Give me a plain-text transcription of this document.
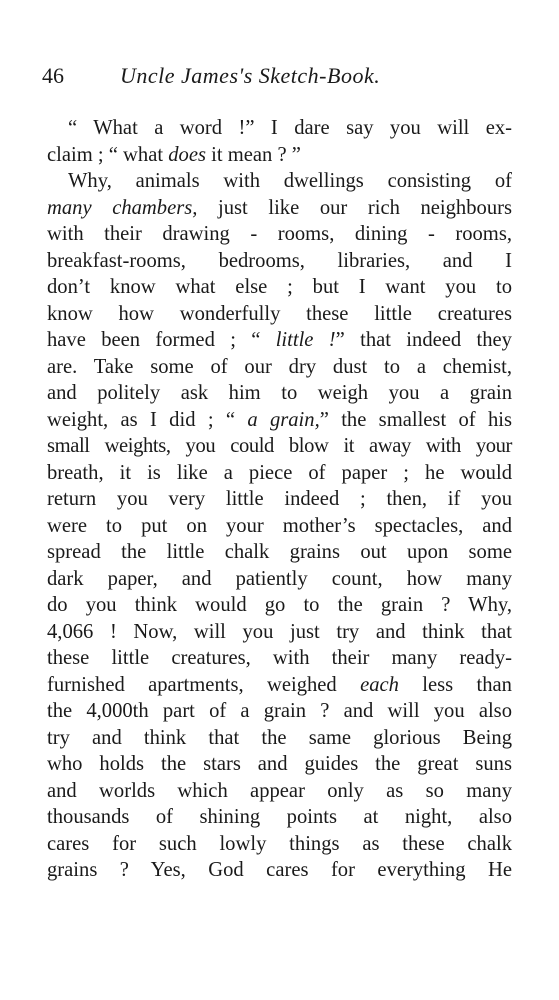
46	Uncle James's Sketch-Book.
“ What a word !” I dare say you will ex-
claim ; “ what does it mean ? ”
Why, animals with dwellings consisting of
many chambers, just like our rich neighbours
with their drawing - rooms, dining - rooms,
breakfast-rooms, bedrooms, libraries, and I
don’t know what else ; but I want you to
know how wonderfully these little creatures
have been formed ; “ little !” that indeed they
are. Take some of our dry dust to a chemist,
and politely ask him to weigh you a grain
weight, as I did ; “ a grain,” the smallest of his
small weights, you could blow it away with your
breath, it is like a piece of paper ; he would
return you very little indeed ; then, if you
were to put on your mother’s spectacles, and
spread the little chalk grains out upon some
dark paper, and patiently count, how many
do you think would go to the grain ? Why,
4,066 ! Now, will you just try and think that
these little creatures, with their many ready-
furnished apartments, weighed each less than
the 4,000th part of a grain ? and will you also
try and think that the same glorious Being
who holds the stars and guides the great suns
and worlds which appear only as so many
thousands of shining points at night, also
cares for such lowly things as these chalk
grains ? Yes, God cares for everything He
